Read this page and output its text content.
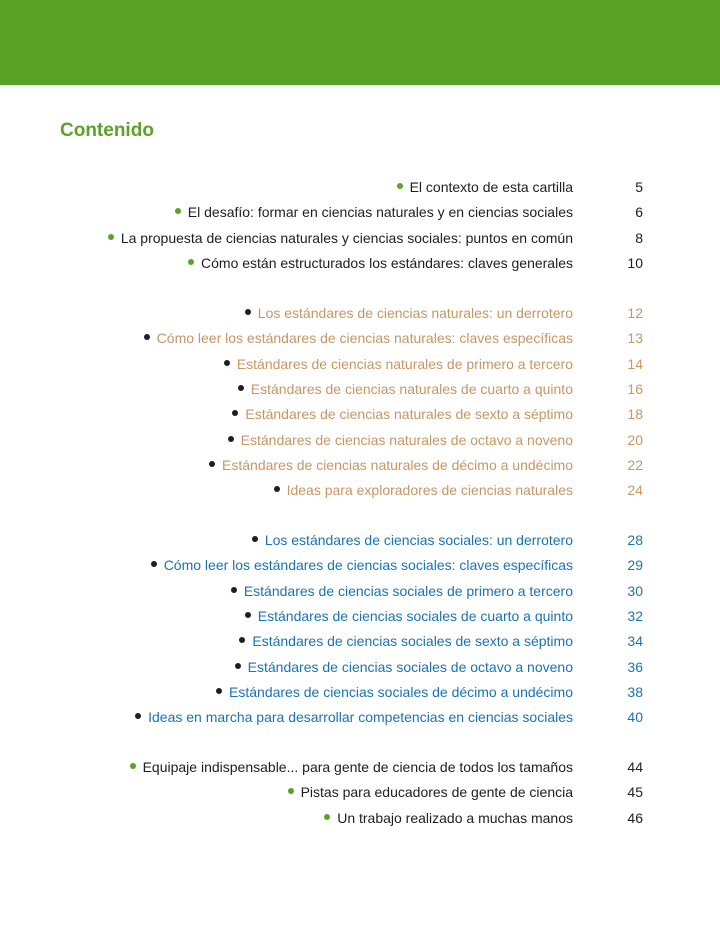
Contenido
El contexto de esta cartilla	5
El desafío: formar en ciencias naturales y en ciencias sociales	6
La propuesta de ciencias naturales y ciencias sociales: puntos en común	8
Cómo están estructurados los estándares: claves generales	10
Los estándares de ciencias naturales: un derrotero	12
Cómo leer los estándares de ciencias naturales: claves específicas	13
Estándares de ciencias naturales de primero a tercero	14
Estándares de ciencias naturales de cuarto a quinto	16
Estándares de ciencias naturales de sexto a séptimo	18
Estándares de ciencias naturales de octavo a noveno	20
Estándares de ciencias naturales de décimo a undécimo	22
Ideas para exploradores de ciencias naturales	24
Los estándares de ciencias sociales: un derrotero	28
Cómo leer los estándares de ciencias sociales: claves específicas	29
Estándares de ciencias sociales de primero a tercero	30
Estándares de ciencias sociales de cuarto a quinto	32
Estándares de ciencias sociales de sexto a séptimo	34
Estándares de ciencias sociales de octavo a noveno	36
Estándares de ciencias sociales de décimo a undécimo	38
Ideas en marcha para desarrollar competencias en ciencias sociales	40
Equipaje indispensable... para gente de ciencia de todos los tamaños	44
Pistas para educadores de gente de ciencia	45
Un trabajo realizado a muchas manos	46
